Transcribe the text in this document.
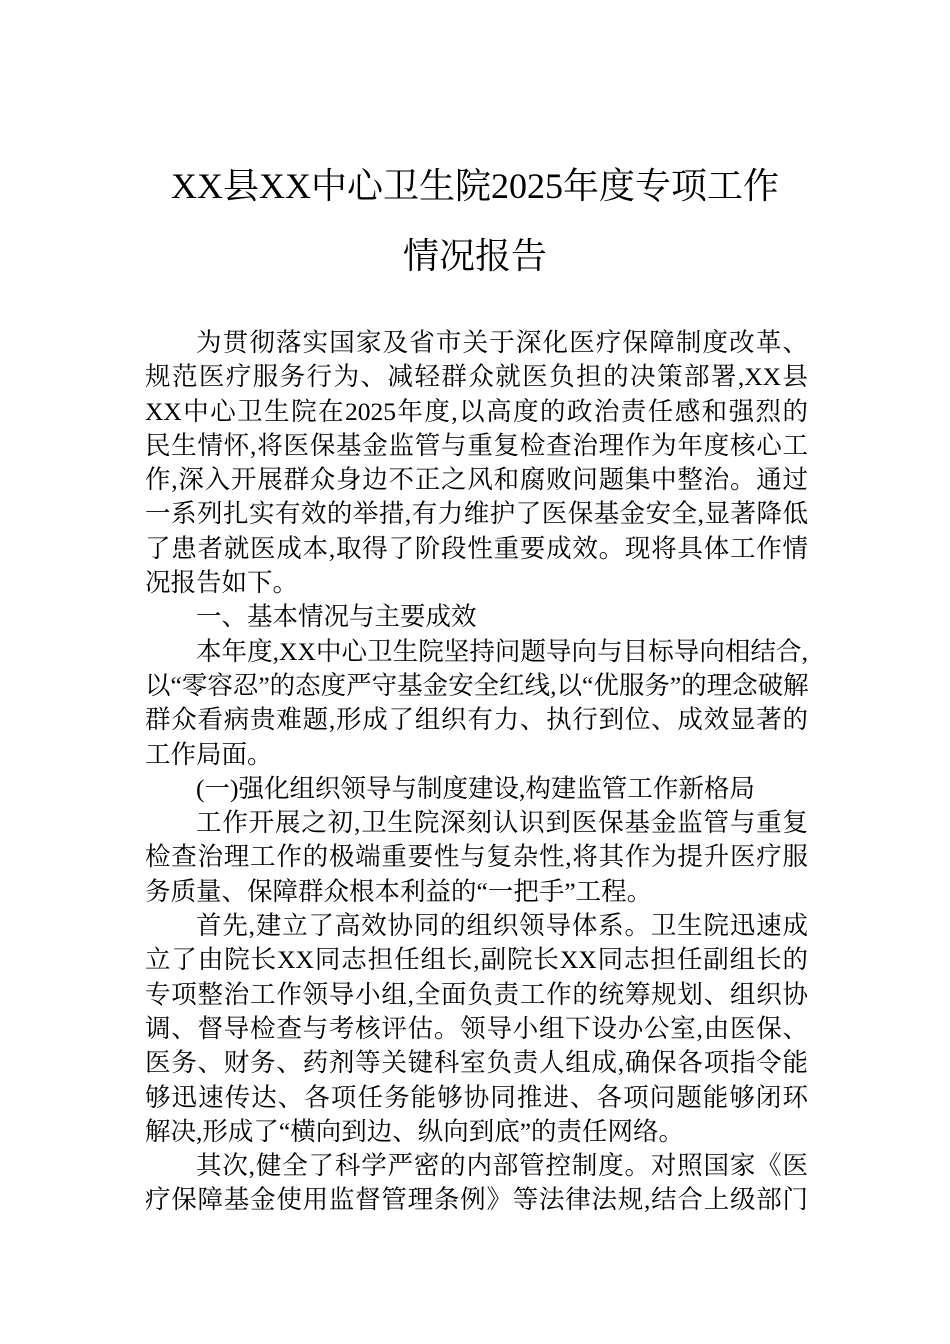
XX县XX中心卫生院2025年度专项工作
情况报告
为贯彻落实国家及省市关于深化医疗保障制度改革、
规范医疗服务行为、减轻群众就医负担的决策部署,XX县
XX中心卫生院在2025年度,以高度的政治责任感和强烈的
民生情怀,将医保基金监管与重复检查治理作为年度核心工
作,深入开展群众身边不正之风和腐败问题集中整治。通过
一系列扎实有效的举措,有力维护了医保基金安全,显著降低
了患者就医成本,取得了阶段性重要成效。现将具体工作情
况报告如下。
一、基本情况与主要成效
本年度,XX中心卫生院坚持问题导向与目标导向相结合,
以“零容忍”的态度严守基金安全红线,以“优服务”的理念破解
群众看病贵难题,形成了组织有力、执行到位、成效显著的
工作局面。
(一)强化组织领导与制度建设,构建监管工作新格局
工作开展之初,卫生院深刻认识到医保基金监管与重复
检查治理工作的极端重要性与复杂性,将其作为提升医疗服
务质量、保障群众根本利益的“一把手”工程。
首先,建立了高效协同的组织领导体系。卫生院迅速成
立了由院长XX同志担任组长,副院长XX同志担任副组长的
专项整治工作领导小组,全面负责工作的统筹规划、组织协
调、督导检查与考核评估。领导小组下设办公室,由医保、
医务、财务、药剂等关键科室负责人组成,确保各项指令能
够迅速传达、各项任务能够协同推进、各项问题能够闭环
解决,形成了“横向到边、纵向到底”的责任网络。
其次,健全了科学严密的内部管控制度。对照国家《医
疗保障基金使用监督管理条例》等法律法规,结合上级部门
